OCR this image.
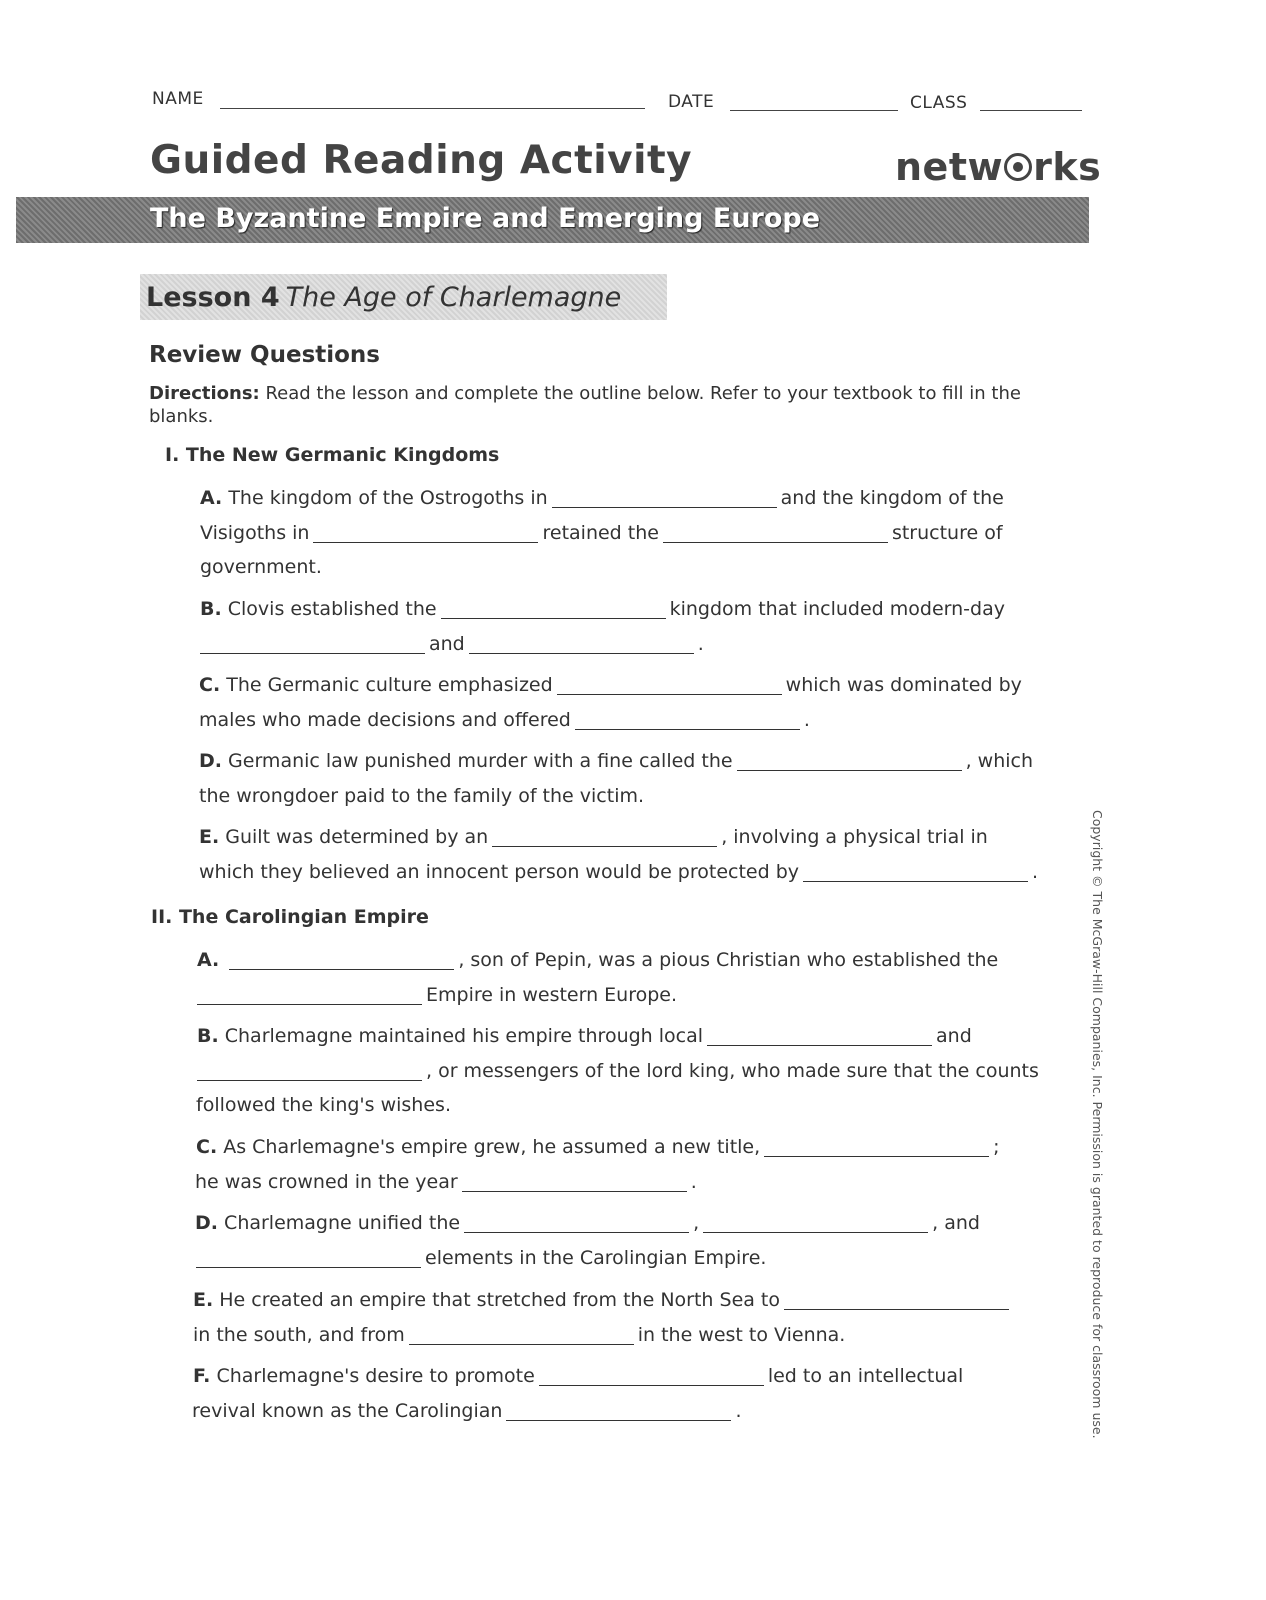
NAME	DATE	CLASS
Guided Reading Activity	netw rks
The Byzantine Empire and Emerging Europe
Lesson 4 The Age of Charlemagne
Review Questions
Directions: Read the lesson and complete the outline below. Refer to your textbook to fill in the blanks.
I. The New Germanic Kingdoms
A. The kingdom of the Ostrogoths in	and the kingdom of the
Visigoths in	retained the	structure of
government.
B. Clovis established the	kingdom that included modern-day
and	.
C. The Germanic culture emphasized	which was dominated by
males who made decisions and offered	.
D. Germanic law punished murder with a fine called the	, which
the wrongdoer paid to the family of the victim.
E. Guilt was determined by an	, involving a physical trial in
which they believed an innocent person would be protected by	.
II. The Carolingian Empire
A.	, son of Pepin, was a pious Christian who established the
Empire in western Europe.
B. Charlemagne maintained his empire through local	and
, or messengers of the lord king, who made sure that the counts
followed the king's wishes.
C. As Charlemagne's empire grew, he assumed a new title,	;
he was crowned in the year	.
D. Charlemagne unified the	,	, and
elements in the Carolingian Empire.
E. He created an empire that stretched from the North Sea to
in the south, and from	in the west to Vienna.
F. Charlemagne's desire to promote	led to an intellectual
revival known as the Carolingian	.	Copyright © The McGraw-Hill Companies, Inc. Permission is granted to reproduce for classroom use.
